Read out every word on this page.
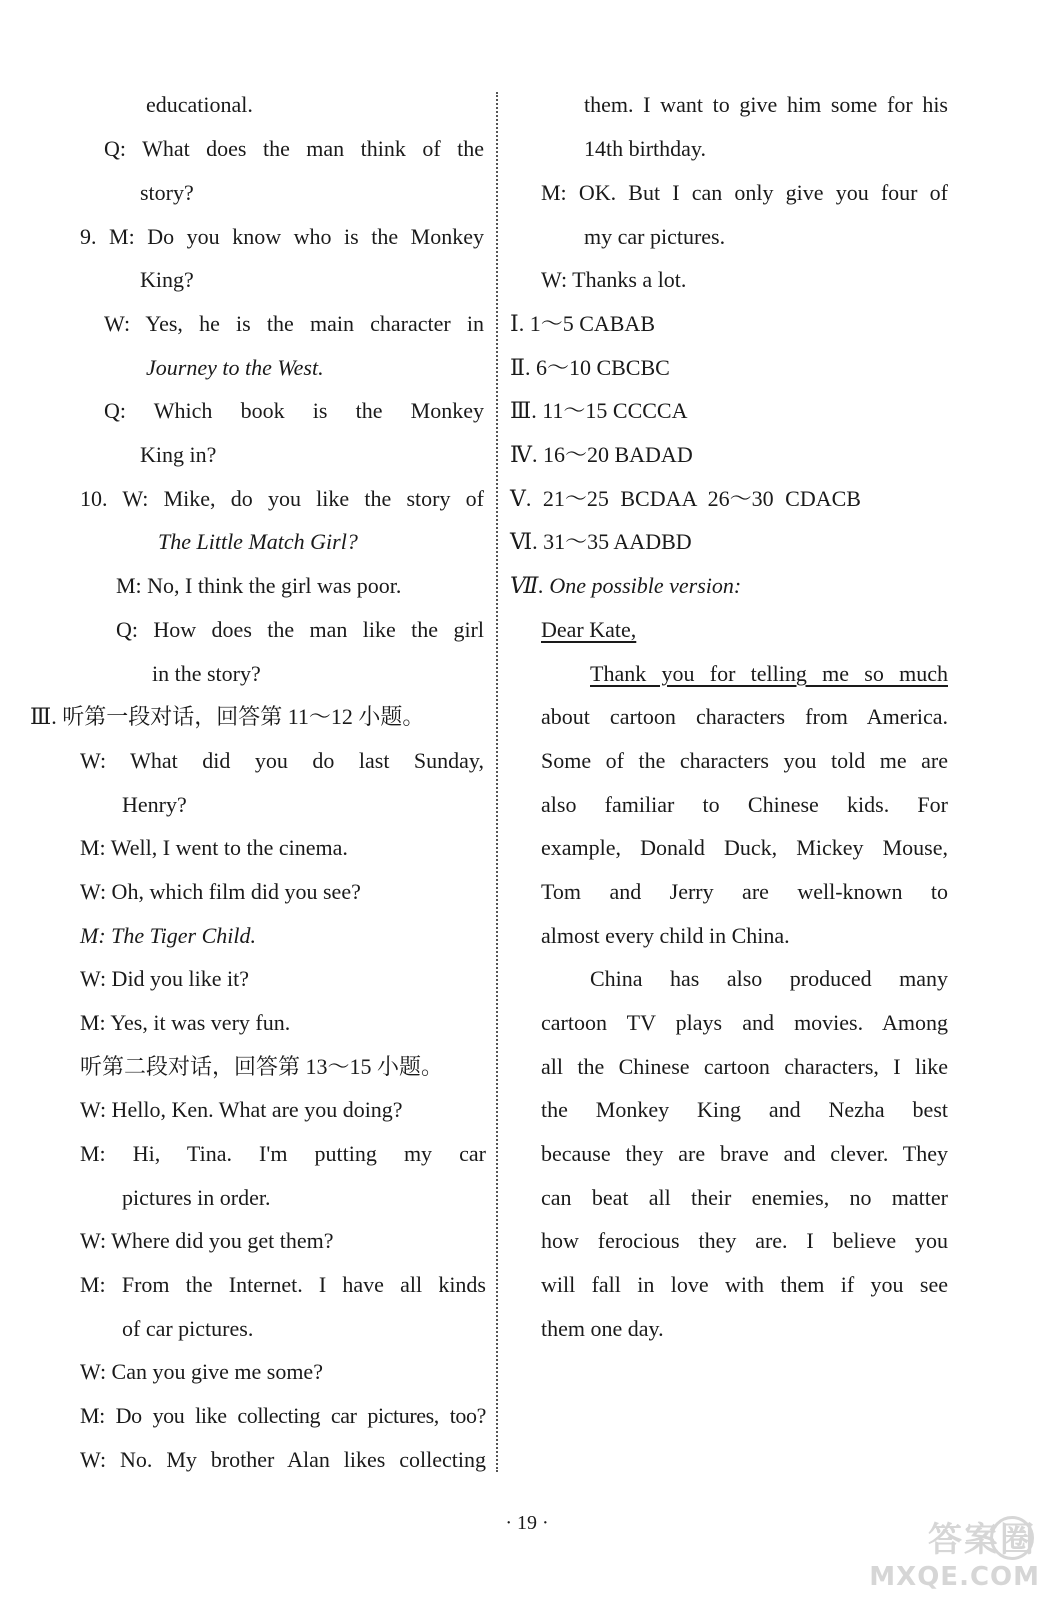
educational.
Q: What does the man think of the
story?
9. M: Do you know who is the Monkey
King?
W: Yes, he is the main character in
Journey to the West.
Q: Which book is the Monkey
King in?
10. W: Mike, do you like the story of
The Little Match Girl?
M: No, I think the girl was poor.
Q: How does the man like the girl
in the story?
Ⅲ. 听第一段对话，回答第 11～12 小题。
W: What did you do last Sunday,
Henry?
M: Well, I went to the cinema.
W: Oh, which film did you see?
M: The Tiger Child.
W: Did you like it?
M: Yes, it was very fun.
听第二段对话，回答第 13～15 小题。
W: Hello, Ken. What are you doing?
M: Hi, Tina. I'm putting my car
pictures in order.
W: Where did you get them?
M: From the Internet. I have all kinds
of car pictures.
W: Can you give me some?
M: Do you like collecting car pictures, too?
W: No. My brother Alan likes collecting
them. I want to give him some for his
14th birthday.
M: OK. But I can only give you four of
my car pictures.
W: Thanks a lot.
Ⅰ. 1～5 CABAB
Ⅱ. 6～10 CBCBC
Ⅲ. 11～15 CCCCA
Ⅳ. 16～20 BADAD
Ⅴ. 21～25 BCDAA 26～30 CDACB
Ⅵ. 31～35 AADBD
Ⅶ. One possible version:
Dear Kate,
Thank you for telling me so much
about cartoon characters from America.
Some of the characters you told me are
also familiar to Chinese kids. For
example, Donald Duck, Mickey Mouse,
Tom and Jerry are well-known to
almost every child in China.
China has also produced many
cartoon TV plays and movies. Among
all the Chinese cartoon characters, I like
the Monkey King and Nezha best
because they are brave and clever. They
can beat all their enemies, no matter
how ferocious they are. I believe you
will fall in love with them if you see
them one day.
· 19 ·	答案圈
MXQE.COM
